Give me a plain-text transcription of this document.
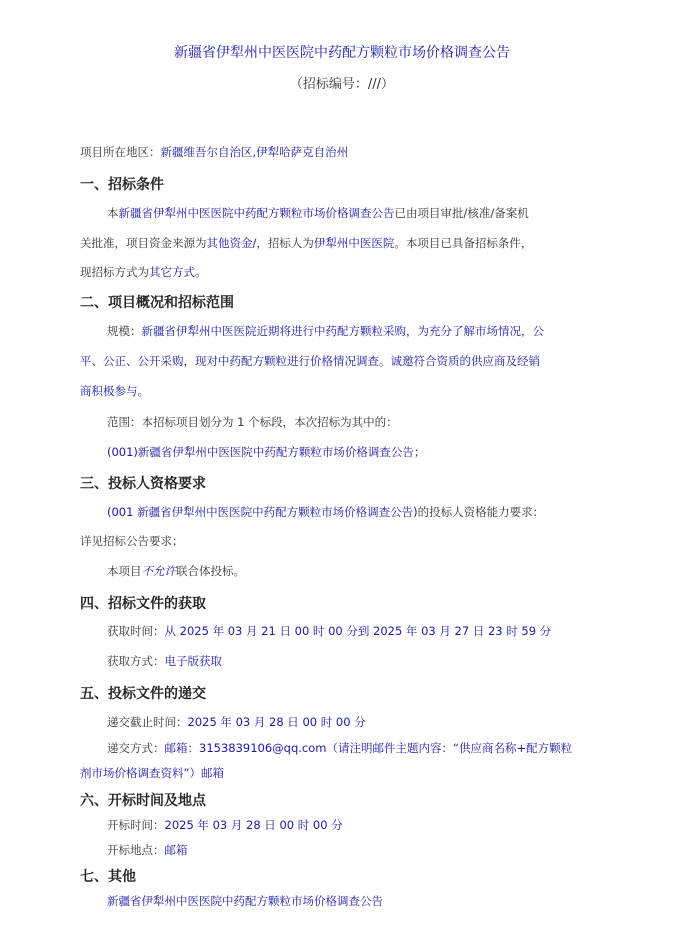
新疆省伊犁州中医医院中药配方颗粒市场价格调查公告
（招标编号：///）
项目所在地区：新疆维吾尔自治区,伊犁哈萨克自治州
一、招标条件
本新疆省伊犁州中医医院中药配方颗粒市场价格调查公告已由项目审批/核准/备案机
关批准，项目资金来源为其他资金/，招标人为伊犁州中医医院。本项目已具备招标条件，
现招标方式为其它方式。
二、项目概况和招标范围
规模：新疆省伊犁州中医医院近期将进行中药配方颗粒采购，为充分了解市场情况，公
平、公正、公开采购，现对中药配方颗粒进行价格情况调查。诚邀符合资质的供应商及经销
商积极参与。
范围：本招标项目划分为 1 个标段，本次招标为其中的：
(001)新疆省伊犁州中医医院中药配方颗粒市场价格调查公告；
三、投标人资格要求
(001 新疆省伊犁州中医医院中药配方颗粒市场价格调查公告)的投标人资格能力要求：
详见招标公告要求；
本项目不允许联合体投标。
四、招标文件的获取
获取时间：从 2025 年 03 月 21 日 00 时 00 分到 2025 年 03 月 27 日 23 时 59 分
获取方式：电子版获取
五、投标文件的递交
递交截止时间：2025 年 03 月 28 日 00 时 00 分
递交方式：邮箱：3153839106@qq.com（请注明邮件主题内容：“供应商名称+配方颗粒
剂市场价格调查资料”）邮箱
六、开标时间及地点
开标时间：2025 年 03 月 28 日 00 时 00 分
开标地点：邮箱
七、其他
新疆省伊犁州中医医院中药配方颗粒市场价格调查公告
